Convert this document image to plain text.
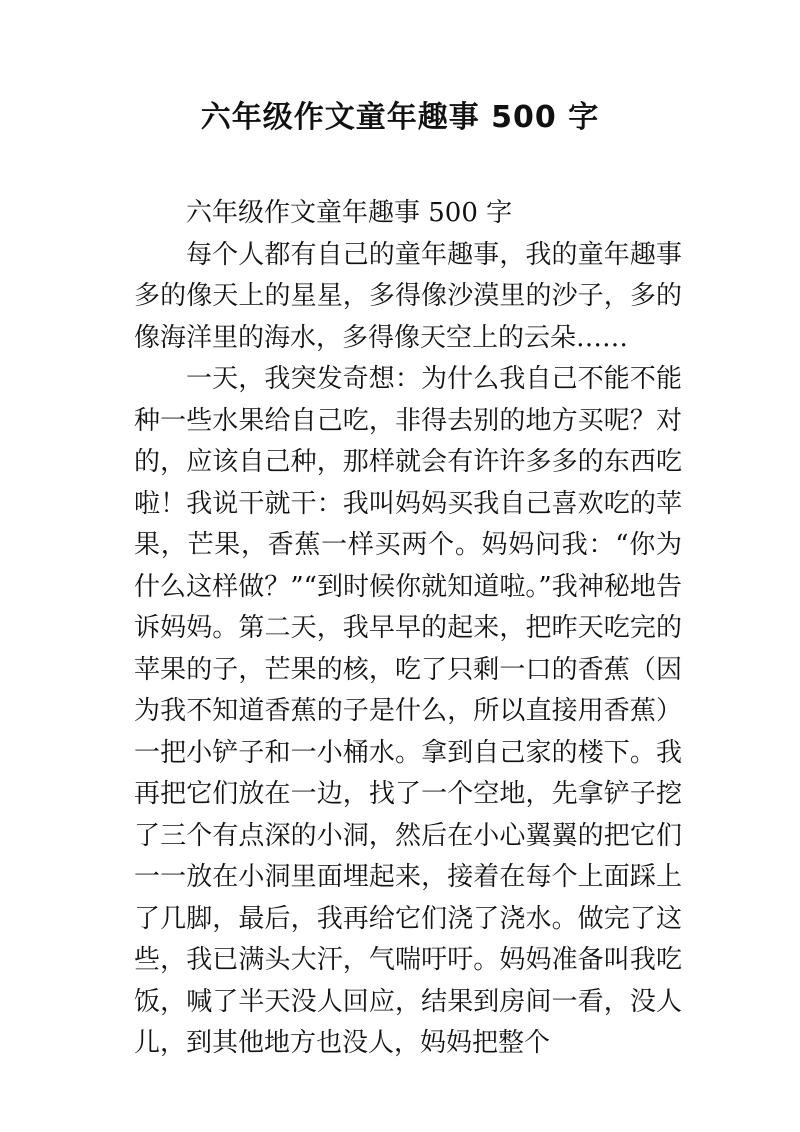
六年级作文童年趣事 500 字

六年级作文童年趣事 500 字

每个人都有自己的童年趣事，我的童年趣事多的像天上的星星，多得像沙漠里的沙子，多的像海洋里的海水，多得像天空上的云朵……

一天，我突发奇想：为什么我自己不能不能种一些水果给自己吃，非得去别的地方买呢？对的，应该自己种，那样就会有许许多多的东西吃啦！我说干就干：我叫妈妈买我自己喜欢吃的苹果，芒果，香蕉一样买两个。妈妈问我：“你为什么这样做？”“到时候你就知道啦。”我神秘地告诉妈妈。第二天，我早早的起来，把昨天吃完的苹果的子，芒果的核，吃了只剩一口的香蕉（因为我不知道香蕉的子是什么，所以直接用香蕉）一把小铲子和一小桶水。拿到自己家的楼下。我再把它们放在一边，找了一个空地，先拿铲子挖了三个有点深的小洞，然后在小心翼翼的把它们一一放在小洞里面埋起来，接着在每个上面踩上了几脚，最后，我再给它们浇了浇水。做完了这些，我已满头大汗，气喘吁吁。妈妈准备叫我吃饭，喊了半天没人回应，结果到房间一看，没人儿，到其他地方也没人，妈妈把整个
